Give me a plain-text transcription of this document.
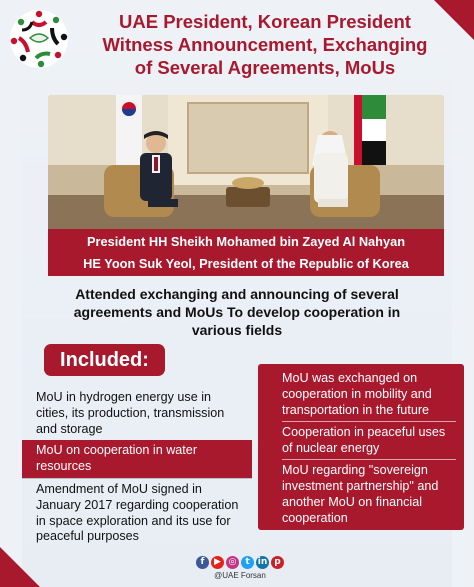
UAE President, Korean President
Witness Announcement, Exchanging
of Several Agreements, MoUs
President HH Sheikh Mohamed bin Zayed Al Nahyan
HE Yoon Suk Yeol, President of the Republic of Korea
Attended exchanging and announcing of several
agreements and MoUs To develop cooperation in
various fields
Included:
MoU in hydrogen energy use in cities, its production, transmission and storage
MoU on cooperation in water resources
Amendment of MoU signed in January 2017 regarding cooperation in space exploration and its use for peaceful purposes
MoU was exchanged on cooperation in mobility and transportation in the future
Cooperation in peaceful uses of nuclear energy
MoU regarding "sovereign investment partnership" and another MoU on financial cooperation
f	▶ ◎ t in p
@UAE Forsan
